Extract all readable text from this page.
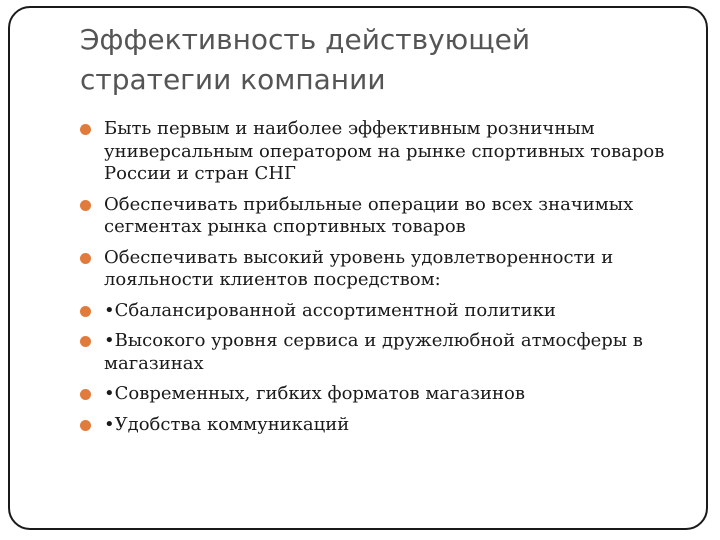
Эффективность действующей стратегии компании
Быть первым и наиболее эффективным розничным универсальным оператором на рынке спортивных товаров России и стран СНГ
Обеспечивать прибыльные операции во всех значимых сегментах рынка спортивных товаров
Обеспечивать высокий уровень удовлетворенности и лояльности клиентов посредством:
•Сбалансированной ассортиментной политики
•Высокого уровня сервиса и дружелюбной атмосферы в магазинах
•Современных, гибких форматов магазинов
•Удобства коммуникаций
